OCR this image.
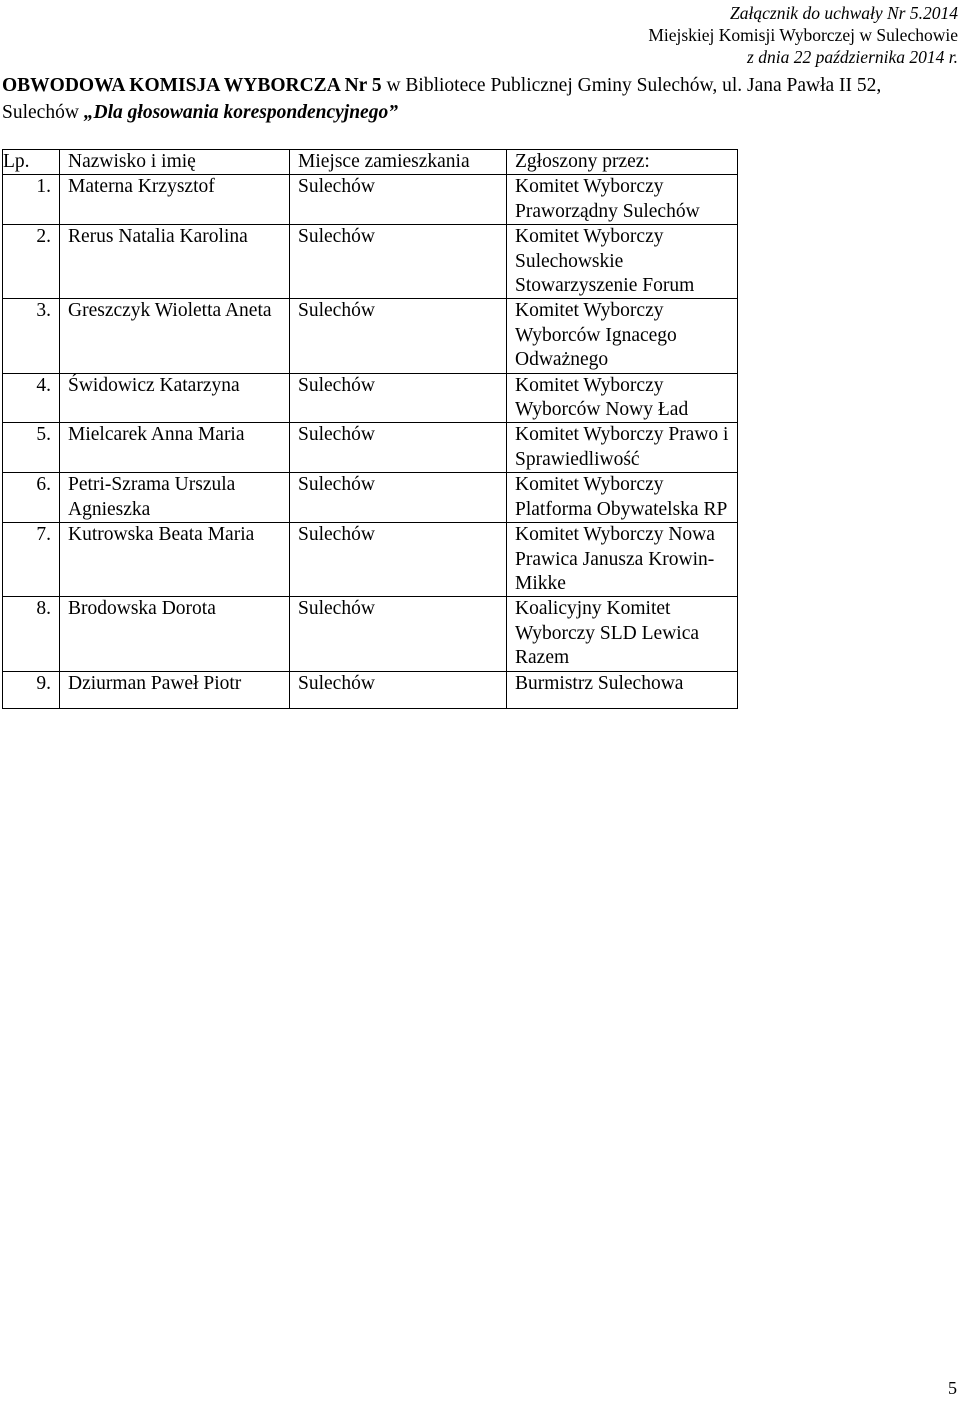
Załącznik do uchwały Nr 5.2014
Miejskiej Komisji Wyborczej w Sulechowie
z dnia 22 października 2014 r.
OBWODOWA KOMISJA WYBORCZA Nr 5 w Bibliotece Publicznej Gminy Sulechów, ul. Jana Pawła II 52, Sulechów „Dla głosowania korespondencyjnego”
Lp.	Nazwisko i imię	Miejsce zamieszkania	Zgłoszony przez:
1.	Materna Krzysztof	Sulechów	Komitet Wyborczy Praworządny Sulechów
2.	Rerus Natalia Karolina	Sulechów	Komitet Wyborczy Sulechowskie Stowarzyszenie Forum
3.	Greszczyk Wioletta Aneta	Sulechów	Komitet Wyborczy Wyborców Ignacego Odważnego
4.	Świdowicz Katarzyna	Sulechów	Komitet Wyborczy Wyborców Nowy Ład
5.	Mielcarek Anna Maria	Sulechów	Komitet Wyborczy Prawo i Sprawiedliwość
6.	Petri-Szrama Urszula Agnieszka	Sulechów	Komitet Wyborczy Platforma Obywatelska RP
7.	Kutrowska Beata Maria	Sulechów	Komitet Wyborczy Nowa Prawica Janusza Krowin-Mikke
8.	Brodowska Dorota	Sulechów	Koalicyjny Komitet Wyborczy SLD Lewica Razem
9.	Dziurman Paweł Piotr	Sulechów	Burmistrz Sulechowa
5
